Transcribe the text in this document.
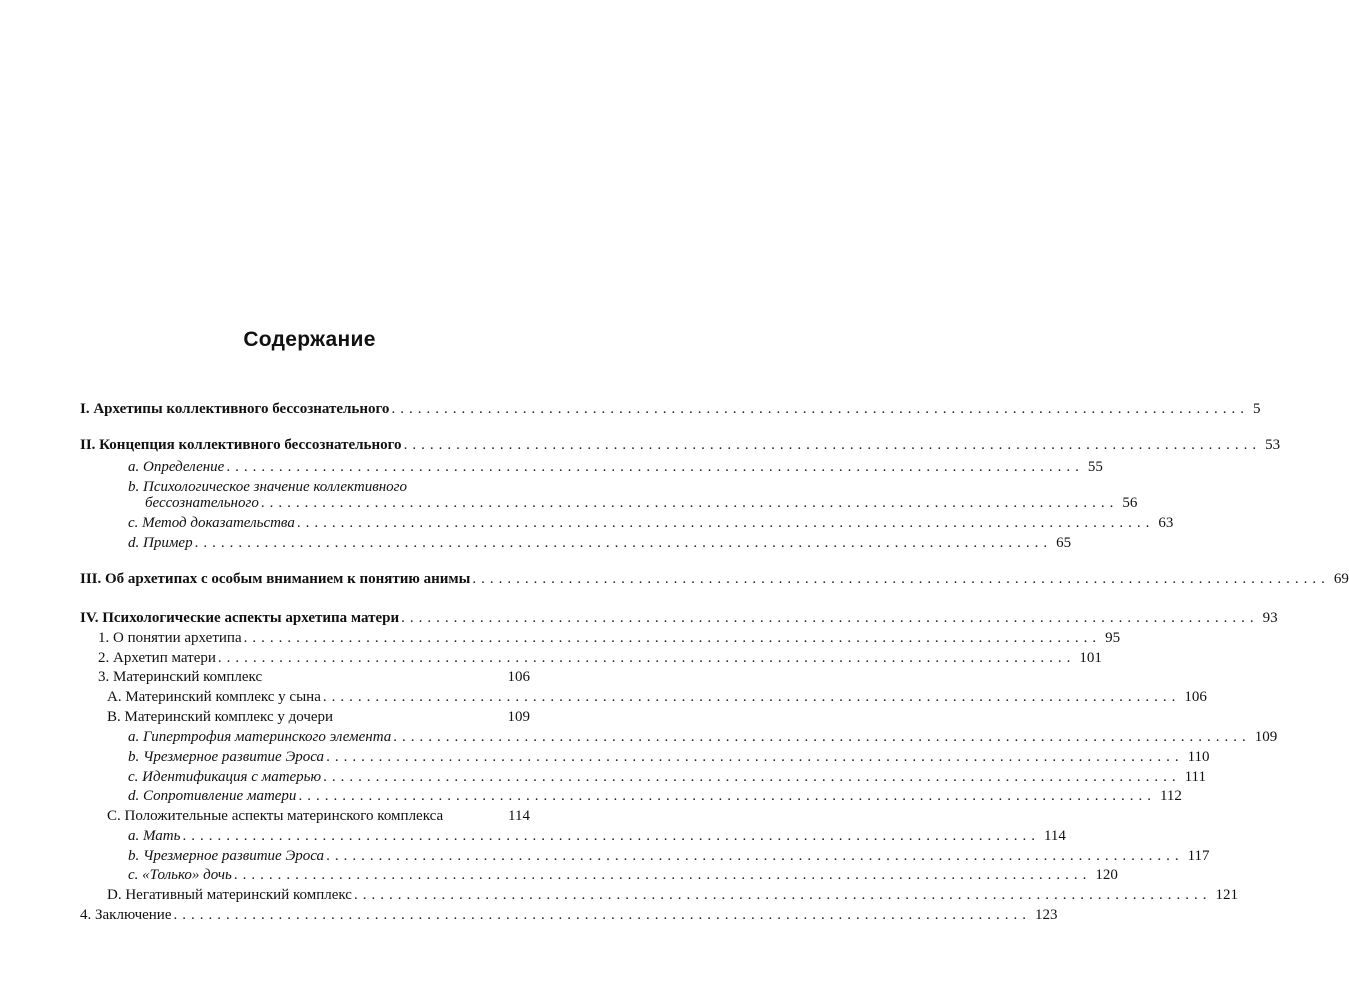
Содержание
I. Архетипы коллективного бессознательного .................................................................................................. 5
II. Концепция коллективного бессознательного .................................................................................................. 53
a. Определение .................................................................................................. 55
b. Психологическое значение коллективного
бессознательного .................................................................................................. 56
c. Метод доказательства .................................................................................................. 63
d. Пример .................................................................................................. 65
III. Об архетипах с особым вниманием к понятию анимы .................................................................................................. 69
IV. Психологические аспекты архетипа матери .................................................................................................. 93
1. О понятии архетипа .................................................................................................. 95
2. Архетип матери .................................................................................................. 101
3. Материнский комплекс	106
A. Материнский комплекс у сына .................................................................................................. 106
B. Материнский комплекс у дочери	109
a. Гипертрофия материнского элемента .................................................................................................. 109
b. Чрезмерное развитие Эроса .................................................................................................. 110
c. Идентификация с матерью .................................................................................................. 111
d. Сопротивление матери .................................................................................................. 112
C. Положительные аспекты материнского комплекса	114
a. Мать .................................................................................................. 114
b. Чрезмерное развитие Эроса .................................................................................................. 117
c. «Только» дочь .................................................................................................. 120
D. Негативный материнский комплекс .................................................................................................. 121
4. Заключение .................................................................................................. 123
